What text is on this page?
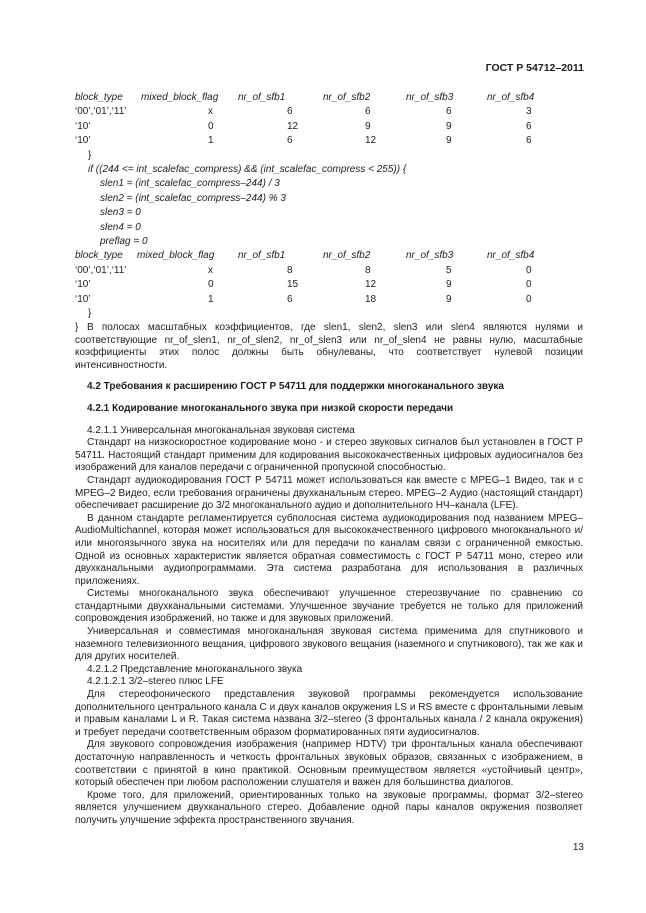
ГОСТ Р 54712–2011
block_type mixed_block_flag nr_of_sfb1	nr_of_sfb2	nr_of_sfb3	nr_of_sfb4
‘00’,‘01’,‘11’	x	6	6	6	3
‘10’	0	12	9	9	6
‘10’	1	6	12	9	6
}
if ((244 <= int_scalefac_compress) && (int_scalefac_compress < 255)) {
slen1 = (int_scalefac_compress–244) / 3
slen2 = (int_scalefac_compress–244) % 3
slen3 = 0
slen4 = 0
preflag = 0
block_type mixed_block_flag nr_of_sfb1	nr_of_sfb2	nr_of_sfb3	nr_of_sfb4
‘00’,‘01’,‘11’	x	8	8	5	0
‘10’	0	15	12	9	0
‘10’	1	6	18	9	0
}
} В полосах масштабных коэффициентов, где slen1, slen2, slen3 или slen4 являются нулями и соответствующие nr_of_slen1, nr_of_slen2, nr_of_slen3 или nr_of_slen4 не равны нулю, масштабные коэффициенты этих полос должны быть обнулеваны, что соответствует нулевой позиции интенсивностности.

4.2 Требования к расширению ГОСТ Р 54711 для поддержки многоканального звука

4.2.1 Кодирование многоканального звука при низкой скорости передачи

4.2.1.1 Универсальная многоканальная звуковая система

Стандарт на низкоскоростное кодирование моно - и стерео звуковых сигналов был установлен в ГОСТ Р 54711. Настоящий стандарт применим для кодирования высококачественных цифровых аудиосигналов без изображений для каналов передачи с ограниченной пропускной способностью.

Стандарт аудиокодирования ГОСТ Р 54711 может использоваться как вместе с MPEG–1 Видео, так и с MPEG–2 Видео, если требования ограничены двухканальным стерео. MPEG–2 Аудио (настоящий стандарт) обеспечивает расширение до 3/2 многоканального аудио и дополнительного НЧ–канала (LFE).

В данном стандарте регламентируется субполосная система аудиокодирования под названием MPEG–AudioMultichannel, которая может использоваться для высококачественного цифрового многоканального и/или многоязычного звука на носителях или для передачи по каналам связи с ограниченной емкостью. Одной из основных характеристик является обратная совместимость с ГОСТ Р 54711 моно, стерео или двухканальными аудиопрограммами. Эта система разработана для использования в различных приложениях.

Системы многоканального звука обеспечивают улучшенное стереозвучание по сравнению со стандартными двухканальными системами. Улучшенное звучание требуется не только для приложений сопровождения изображений, но также и для звуковых приложений.

Универсальная и совместимая многоканальная звуковая система применима для спутникового и наземного телевизионного вещания, цифрового звукового вещания (наземного и спутникового), так же как и для других носителей.

4.2.1.2 Представление многоканального звука

4.2.1.2.1 3/2–stereo плюс LFE

Для стереофонического представления звуковой программы рекомендуется использование дополнительного центрального канала C и двух каналов окружения LS и RS вместе с фронтальными левым и правым каналами L и R. Такая система названа 3/2–stereo (3 фронтальных канала / 2 канала окружения) и требует передачи соответственным образом форматированных пяти аудиосигналов.

Для звукового сопровождения изображения (например HDTV) три фронтальных канала обеспечивают достаточную направленность и четкость фронтальных звуковых образов, связанных с изображением, в соответствии с принятой в кино практикой. Основным преимуществом является «устойчивый центр», который обеспечен при любом расположении слушателя и важен для большинства диалогов.

Кроме того, для приложений, ориентированных только на звуковые программы, формат 3/2–stereo является улучшением двухканального стерео. Добавление одной пары каналов окружения позволяет получить улучшение эффекта пространственного звучания.

13
